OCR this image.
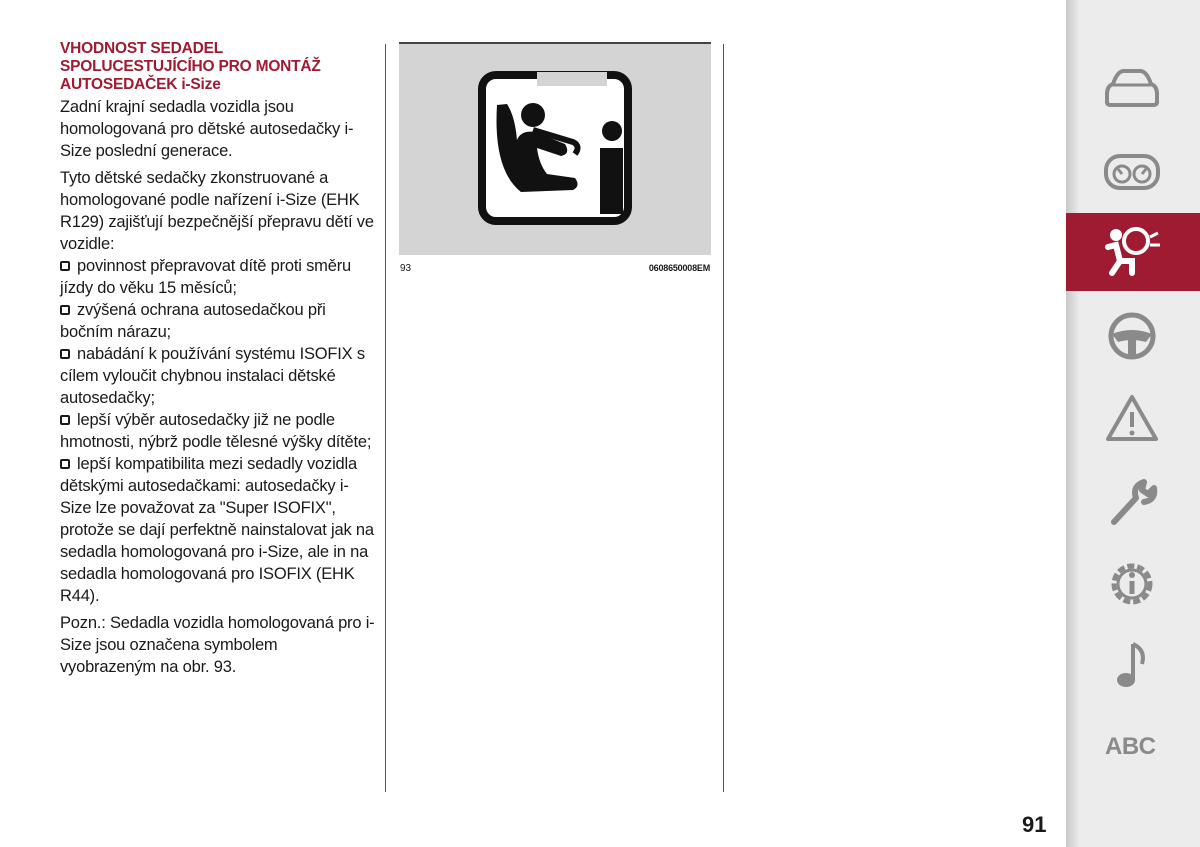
VHODNOST SEDADEL
SPOLUCESTUJÍCÍHO PRO MONTÁŽ
AUTOSEDAČEK i-Size

Zadní krajní sedadla vozidla jsou homologovaná pro dětské autosedačky i-Size poslední generace.

Tyto dětské sedačky zkonstruované a homologované podle nařízení i-Size (EHK R129) zajišťují bezpečnější přepravu dětí ve vozidle:

povinnost přepravovat dítě proti směru jízdy do věku 15 měsíců;

zvýšená ochrana autosedačkou při bočním nárazu;

nabádání k používání systému ISOFIX s cílem vyloučit chybnou instalaci dětské autosedačky;

lepší výběr autosedačky již ne podle hmotnosti, nýbrž podle tělesné výšky dítěte;

lepší kompatibilita mezi sedadly vozidla dětskými autosedačkami: autosedačky i-Size lze považovat za "Super ISOFIX", protože se dají perfektně nainstalovat jak na sedadla homologovaná pro i-Size, ale in na sedadla homologovaná pro ISOFIX (EHK R44).

Pozn.: Sedadla vozidla homologovaná pro i-Size jsou označena symbolem vyobrazeným na obr. 93.

93	0608650008EM
ABC
91
